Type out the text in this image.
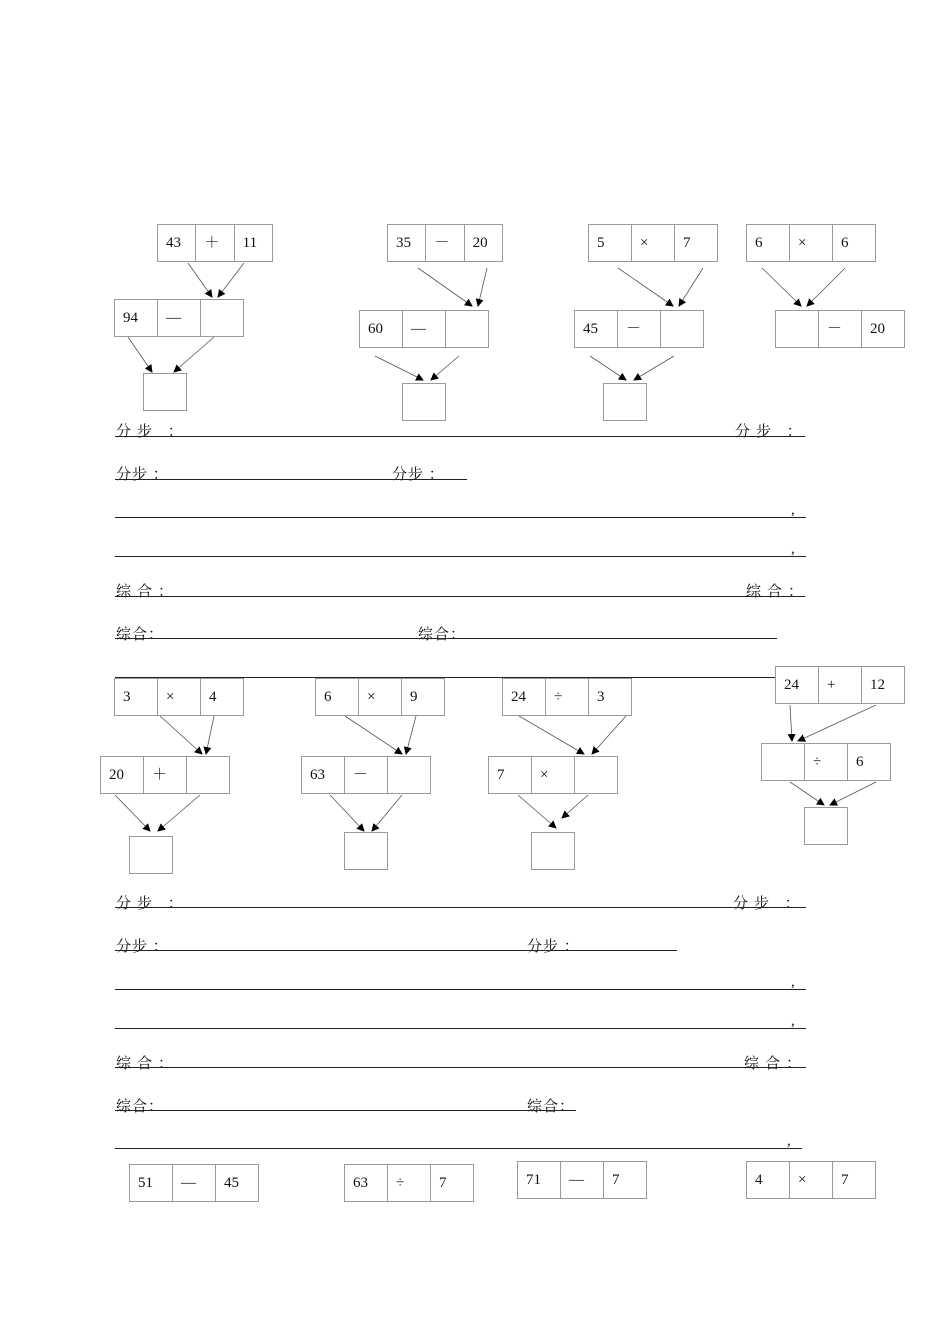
43	＋	11
94	—
35	－	20
60	—
5	×	7
45	－
6	×	6
－	20
分步 ：	分步 ：
分步 ：	分步 ：
,
,
综合：	综合：
综合：	综合：
3	×	4
20	＋
6	×	9
63	－
24	÷	3
7	×
24	+	12
÷	6
分步 ：	分步 ：
分步 ：	分步 ：
,
,
综合：	综合：
综合：	综合：
,
51	—	45	63	÷	7	71	—	7	4	×	7
